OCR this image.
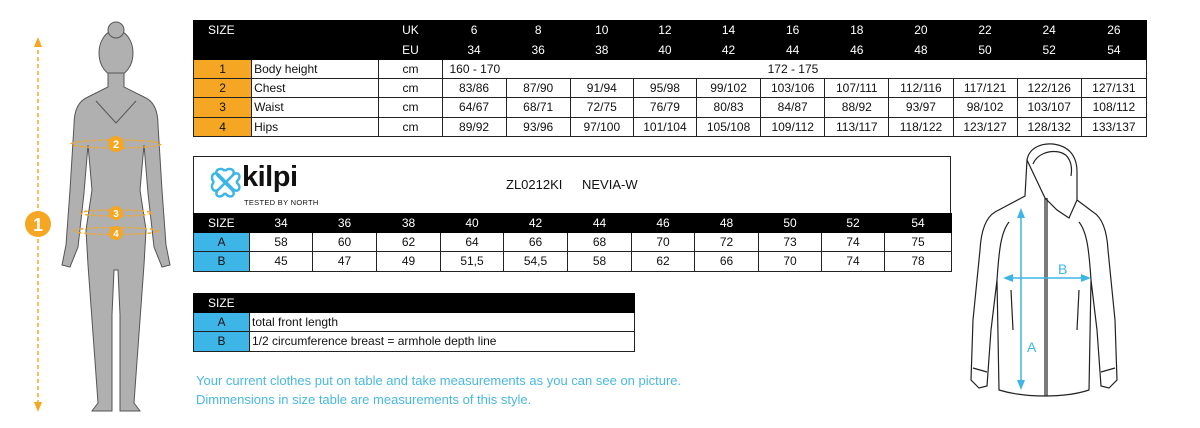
1
2
3
4
SIZE		UK	6	8	10	12	14	16	18	20	22	24	26
		EU	34	36	38	40	42	44	46	48	50	52	54
1	Body height	cm	160 - 170					172 - 175					
2	Chest	cm	83/86	87/90	91/94	95/98	99/102	103/106	107/111	112/116	117/121	122/126	127/131
3	Waist	cm	64/67	68/71	72/75	76/79	80/83	84/87	88/92	93/97	98/102	103/107	108/112
4	Hips	cm	89/92	93/96	97/100	101/104	105/108	109/112	113/117	118/122	123/127	128/132	133/137
kilpi
TESTED BY NORTH
ZL0212KI NEVIA-W
SIZE	34	36	38	40	42	44	46	48	50	52	54
A	58	60	62	64	66	68	70	72	73	74	75
B	45	47	49	51,5	54,5	58	62	66	70	74	78
SIZE	
A	total front length
B	1/2 circumference breast = armhole depth line
Your current clothes put on table and take measurements as you can see on picture.
Dimmensions in size table are measurements of this style.
A
B
